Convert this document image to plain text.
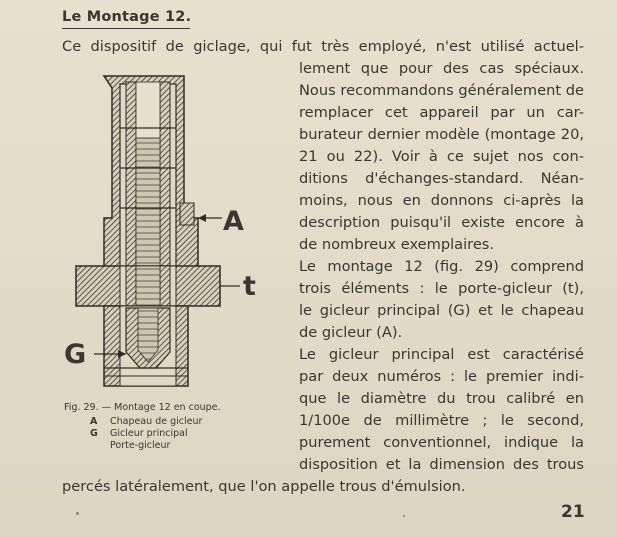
Le Montage 12.
Ce dispositif de giclage, qui fut très employé, n'est utilisé actuel-
lement que pour des cas spéciaux.
Nous recommandons généralement de
remplacer cet appareil par un car-
burateur dernier modèle (montage 20,
21 ou 22). Voir à ce sujet nos con-
ditions d'échanges-standard. Néan-
moins, nous en donnons ci-après la
description puisqu'il existe encore à
de nombreux exemplaires.
Le montage 12 (fig. 29) comprend
trois éléments : le porte-gicleur (t),
le gicleur principal (G) et le chapeau
de gicleur (A).
Le gicleur principal est caractérisé
par deux numéros : le premier indi-
que le diamètre du trou calibré en
1/100e de millimètre ; le second,
purement conventionnel, indique la
disposition et la dimension des trous
percés latéralement, que l'on appelle trous d'émulsion.
A
t
G
Fig. 29. — Montage 12 en coupe.
A Chapeau de gicleur
G Gicleur principal
Porte-gicleur
21
